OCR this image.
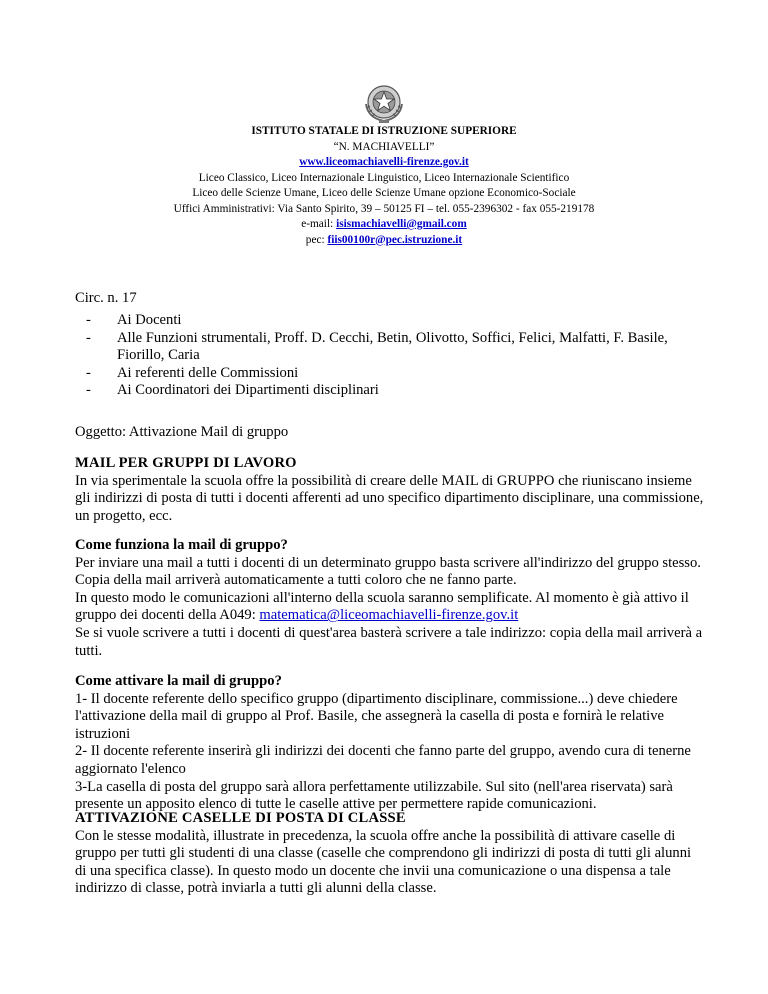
ISTITUTO STATALE DI ISTRUZIONE SUPERIORE
“N. MACHIAVELLI”
www.liceomachiavelli-firenze.gov.it
Liceo Classico, Liceo Internazionale Linguistico, Liceo Internazionale Scientifico
Liceo delle Scienze Umane, Liceo delle Scienze Umane opzione Economico-Sociale
Uffici Amministrativi: Via Santo Spirito, 39 – 50125 FI – tel. 055-2396302 - fax 055-219178
e-mail: isismachiavelli@gmail.com
pec: fiis00100r@pec.istruzione.it
Circ. n. 17
- Ai Docenti
- Alle Funzioni strumentali, Proff. D. Cecchi, Betin, Olivotto, Soffici, Felici, Malfatti, F. Basile, Fiorillo, Caria
- Ai referenti delle Commissioni
- Ai Coordinatori dei Dipartimenti disciplinari
Oggetto: Attivazione Mail di gruppo
MAIL PER GRUPPI DI LAVORO

In via sperimentale la scuola offre la possibilità di creare delle MAIL di GRUPPO che riuniscano insieme gli indirizzi di posta di tutti i docenti afferenti ad uno specifico dipartimento disciplinare, una commissione, un progetto, ecc.

Come funziona la mail di gruppo?

Per inviare una mail a tutti i docenti di un determinato gruppo basta scrivere all'indirizzo del gruppo stesso. Copia della mail arriverà automaticamente a tutti coloro che ne fanno parte.

In questo modo le comunicazioni all'interno della scuola saranno semplificate. Al momento è già attivo il gruppo dei docenti della A049: matematica@liceomachiavelli-firenze.gov.it

Se si vuole scrivere a tutti i docenti di quest'area basterà scrivere a tale indirizzo: copia della mail arriverà a tutti.

Come attivare la mail di gruppo?

1- Il docente referente dello specifico gruppo (dipartimento disciplinare, commissione...) deve chiedere l'attivazione della mail di gruppo al Prof. Basile, che assegnerà la casella di posta e fornirà le relative istruzioni

2- Il docente referente inserirà gli indirizzi dei docenti che fanno parte del gruppo, avendo cura di tenerne aggiornato l'elenco

3-La casella di posta del gruppo sarà allora perfettamente utilizzabile. Sul sito (nell'area riservata) sarà presente un apposito elenco di tutte le caselle attive per permettere rapide comunicazioni.

ATTIVAZIONE CASELLE DI POSTA DI CLASSE

Con le stesse modalità, illustrate in precedenza, la scuola offre anche la possibilità di attivare caselle di gruppo per tutti gli studenti di una classe (caselle che comprendono gli indirizzi di posta di tutti gli alunni di una specifica classe). In questo modo un docente che invii una comunicazione o una dispensa a tale indirizzo di classe, potrà inviarla a tutti gli alunni della classe.
